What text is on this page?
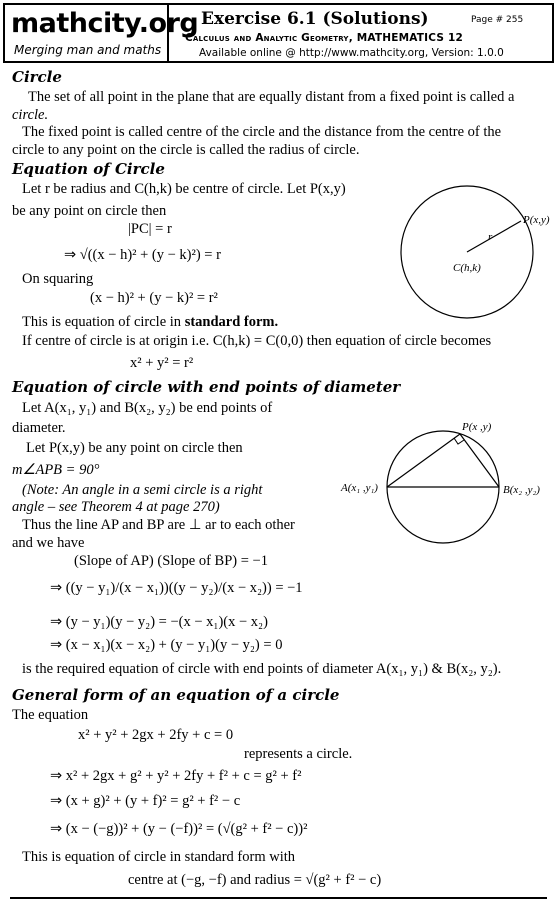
mathcity.org
Merging man and maths
Exercise 6.1 (Solutions)	Page # 255
Calculus and Analytic Geometry, MATHEMATICS 12
Available online @ http://www.mathcity.org, Version: 1.0.0
Circle
The set of all point in the plane that are equally distant from a fixed point is called a
circle.
The fixed point is called centre of the circle and the distance from the centre of the
circle to any point on the circle is called the radius of circle.
Equation of Circle
Let r be radius and C(h,k) be centre of circle. Let P(x,y)
be any point on circle then
|PC| = r
⇒ √((x − h)² + (y − k)²) = r
On squaring
(x − h)² + (y − k)² = r²
This is equation of circle in standard form.
If centre of circle is at origin i.e. C(h,k) = C(0,0) then equation of circle becomes
x² + y² = r²
P(x,y)
r
C(h,k)
Equation of circle with end points of diameter
Let A(x₁, y₁) and B(x₂, y₂) be end points of
diameter.
Let P(x,y) be any point on circle then
m∠APB = 90°
(Note: An angle in a semi circle is a right
angle – see Theorem 4 at page 270)
Thus the line AP and BP are ⊥ ar to each other
and we have
(Slope of AP) (Slope of BP) = −1
⇒ ((y − y₁)/(x − x₁))((y − y₂)/(x − x₂)) = −1
⇒ (y − y₁)(y − y₂) = −(x − x₁)(x − x₂)
⇒ (x − x₁)(x − x₂) + (y − y₁)(y − y₂) = 0
is the required equation of circle with end points of diameter A(x₁, y₁) & B(x₂, y₂).
P(x ,y)
A(x₁ ,y₁)	B(x₂ ,y₂)
General form of an equation of a circle
The equation
x² + y² + 2gx + 2fy + c = 0
represents a circle.
⇒ x² + 2gx + g² + y² + 2fy + f² + c = g² + f²
⇒ (x + g)² + (y + f)² = g² + f² − c
⇒ (x − (−g))² + (y − (−f))² = (√(g² + f² − c))²
This is equation of circle in standard form with
centre at (−g, −f) and radius = √(g² + f² − c)
